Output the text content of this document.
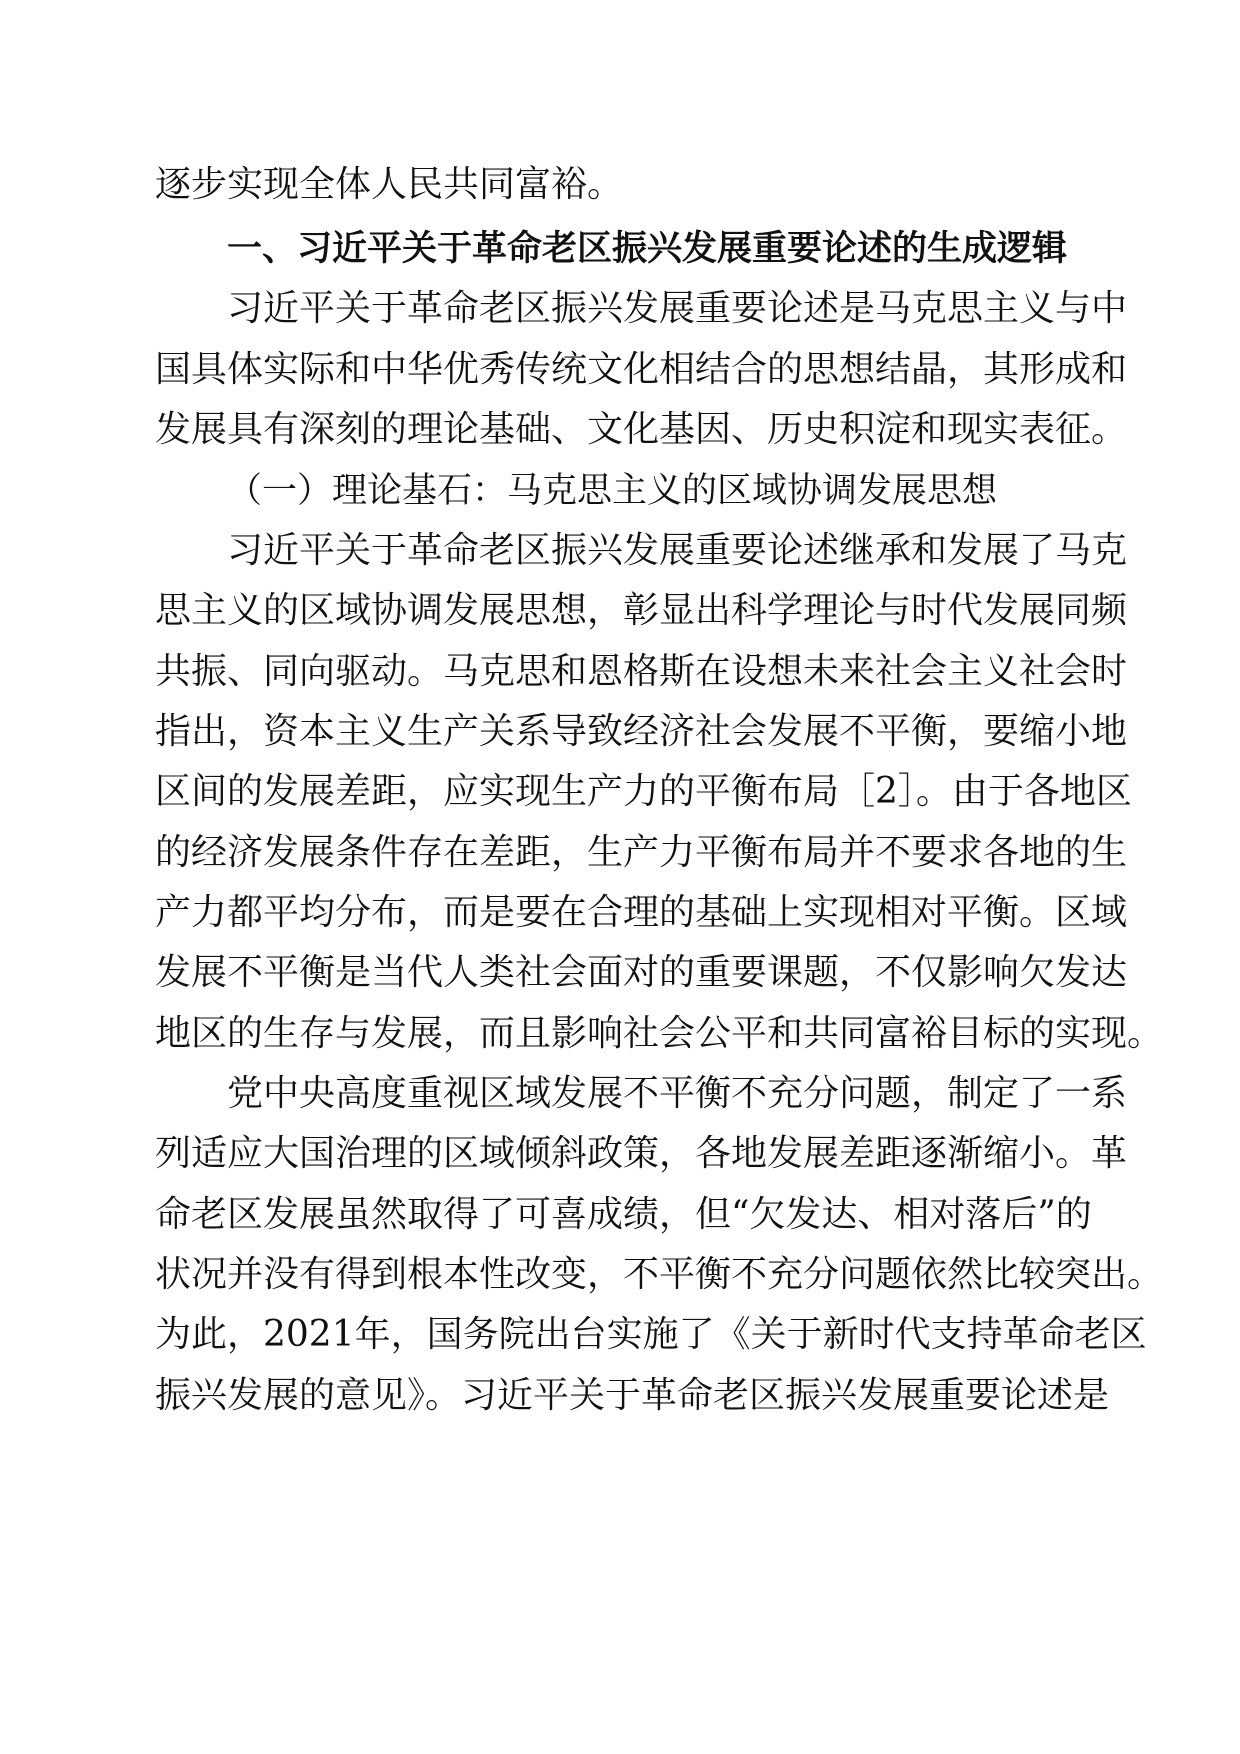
逐步实现全体人民共同富裕。
一、习近平关于革命老区振兴发展重要论述的生成逻辑
习近平关于革命老区振兴发展重要论述是马克思主义与中
国具体实际和中华优秀传统文化相结合的思想结晶，其形成和
发展具有深刻的理论基础、文化基因、历史积淀和现实表征。
（一）理论基石：马克思主义的区域协调发展思想
习近平关于革命老区振兴发展重要论述继承和发展了马克
思主义的区域协调发展思想，彰显出科学理论与时代发展同频
共振、同向驱动。马克思和恩格斯在设想未来社会主义社会时
指出，资本主义生产关系导致经济社会发展不平衡，要缩小地
区间的发展差距，应实现生产力的平衡布局［2］。由于各地区
的经济发展条件存在差距，生产力平衡布局并不要求各地的生
产力都平均分布，而是要在合理的基础上实现相对平衡。区域
发展不平衡是当代人类社会面对的重要课题，不仅影响欠发达
地区的生存与发展，而且影响社会公平和共同富裕目标的实现。
党中央高度重视区域发展不平衡不充分问题，制定了一系
列适应大国治理的区域倾斜政策，各地发展差距逐渐缩小。革
命老区发展虽然取得了可喜成绩，但“欠发达、相对落后”的
状况并没有得到根本性改变，不平衡不充分问题依然比较突出。
为此，2021年，国务院出台实施了《关于新时代支持革命老区
振兴发展的意见》。习近平关于革命老区振兴发展重要论述是
